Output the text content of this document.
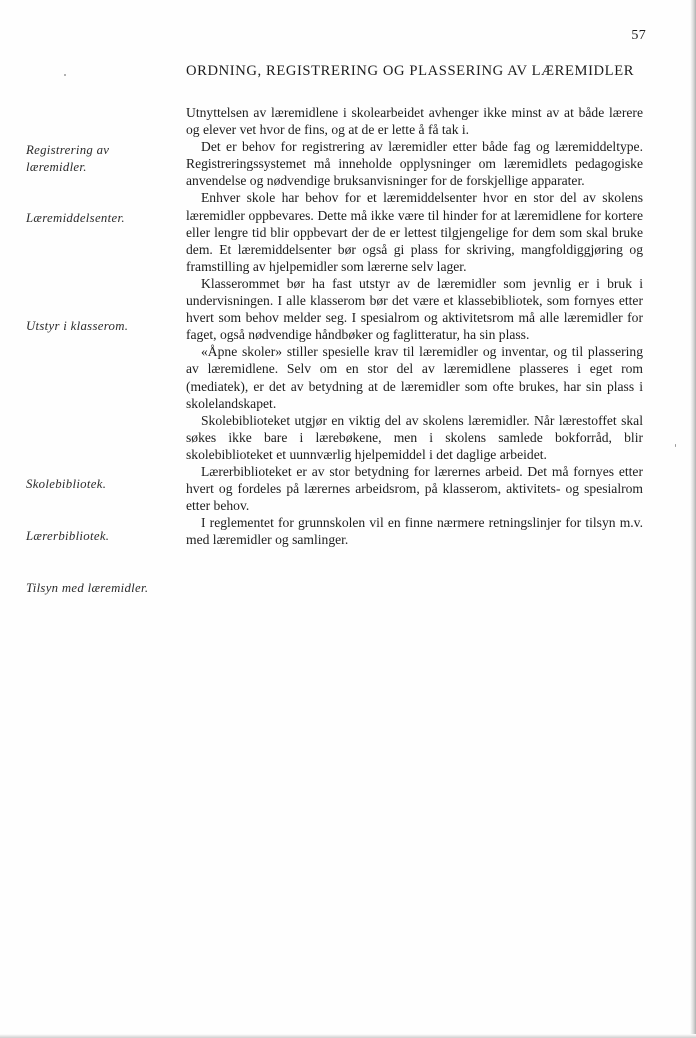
57
ORDNING, REGISTRERING OG PLASSERING AV LÆREMIDLER
Registrering av læremidler.
Læremiddelsenter.
Utstyr i klasserom.
Skolebibliotek.
Lærerbibliotek.
Tilsyn med læremidler.

Utnyttelsen av læremidlene i skolearbeidet avhenger ikke minst av at både lærere og elever vet hvor de fins, og at de er lette å få tak i.

Det er behov for registrering av læremidler etter både fag og læremiddeltype. Registreringssystemet må inneholde opplysninger om læremidlets pedagogiske anvendelse og nødvendige bruksanvisninger for de forskjellige apparater.

Enhver skole har behov for et læremiddelsenter hvor en stor del av skolens læremidler oppbevares. Dette må ikke være til hinder for at læremidlene for kortere eller lengre tid blir oppbevart der de er lettest tilgjengelige for dem som skal bruke dem. Et læremiddelsenter bør også gi plass for skriving, mangfoldiggjøring og framstilling av hjelpemidler som lærerne selv lager.

Klasserommet bør ha fast utstyr av de læremidler som jevnlig er i bruk i undervisningen. I alle klasserom bør det være et klassebibliotek, som fornyes etter hvert som behov melder seg. I spesialrom og aktivitetsrom må alle læremidler for faget, også nødvendige håndbøker og faglitteratur, ha sin plass.

«Åpne skoler» stiller spesielle krav til læremidler og inventar, og til plassering av læremidlene. Selv om en stor del av læremidlene plasseres i eget rom (mediatek), er det av betydning at de læremidler som ofte brukes, har sin plass i skolelandskapet.

Skolebiblioteket utgjør en viktig del av skolens læremidler. Når lærestoffet skal søkes ikke bare i lærebøkene, men i skolens samlede bokforråd, blir skolebiblioteket et uunnværlig hjelpemiddel i det daglige arbeidet.

Lærerbiblioteket er av stor betydning for lærernes arbeid. Det må fornyes etter hvert og fordeles på lærernes arbeidsrom, på klasserom, aktivitets- og spesialrom etter behov.

I reglementet for grunnskolen vil en finne nærmere retningslinjer for tilsyn m.v. med læremidler og samlinger.
